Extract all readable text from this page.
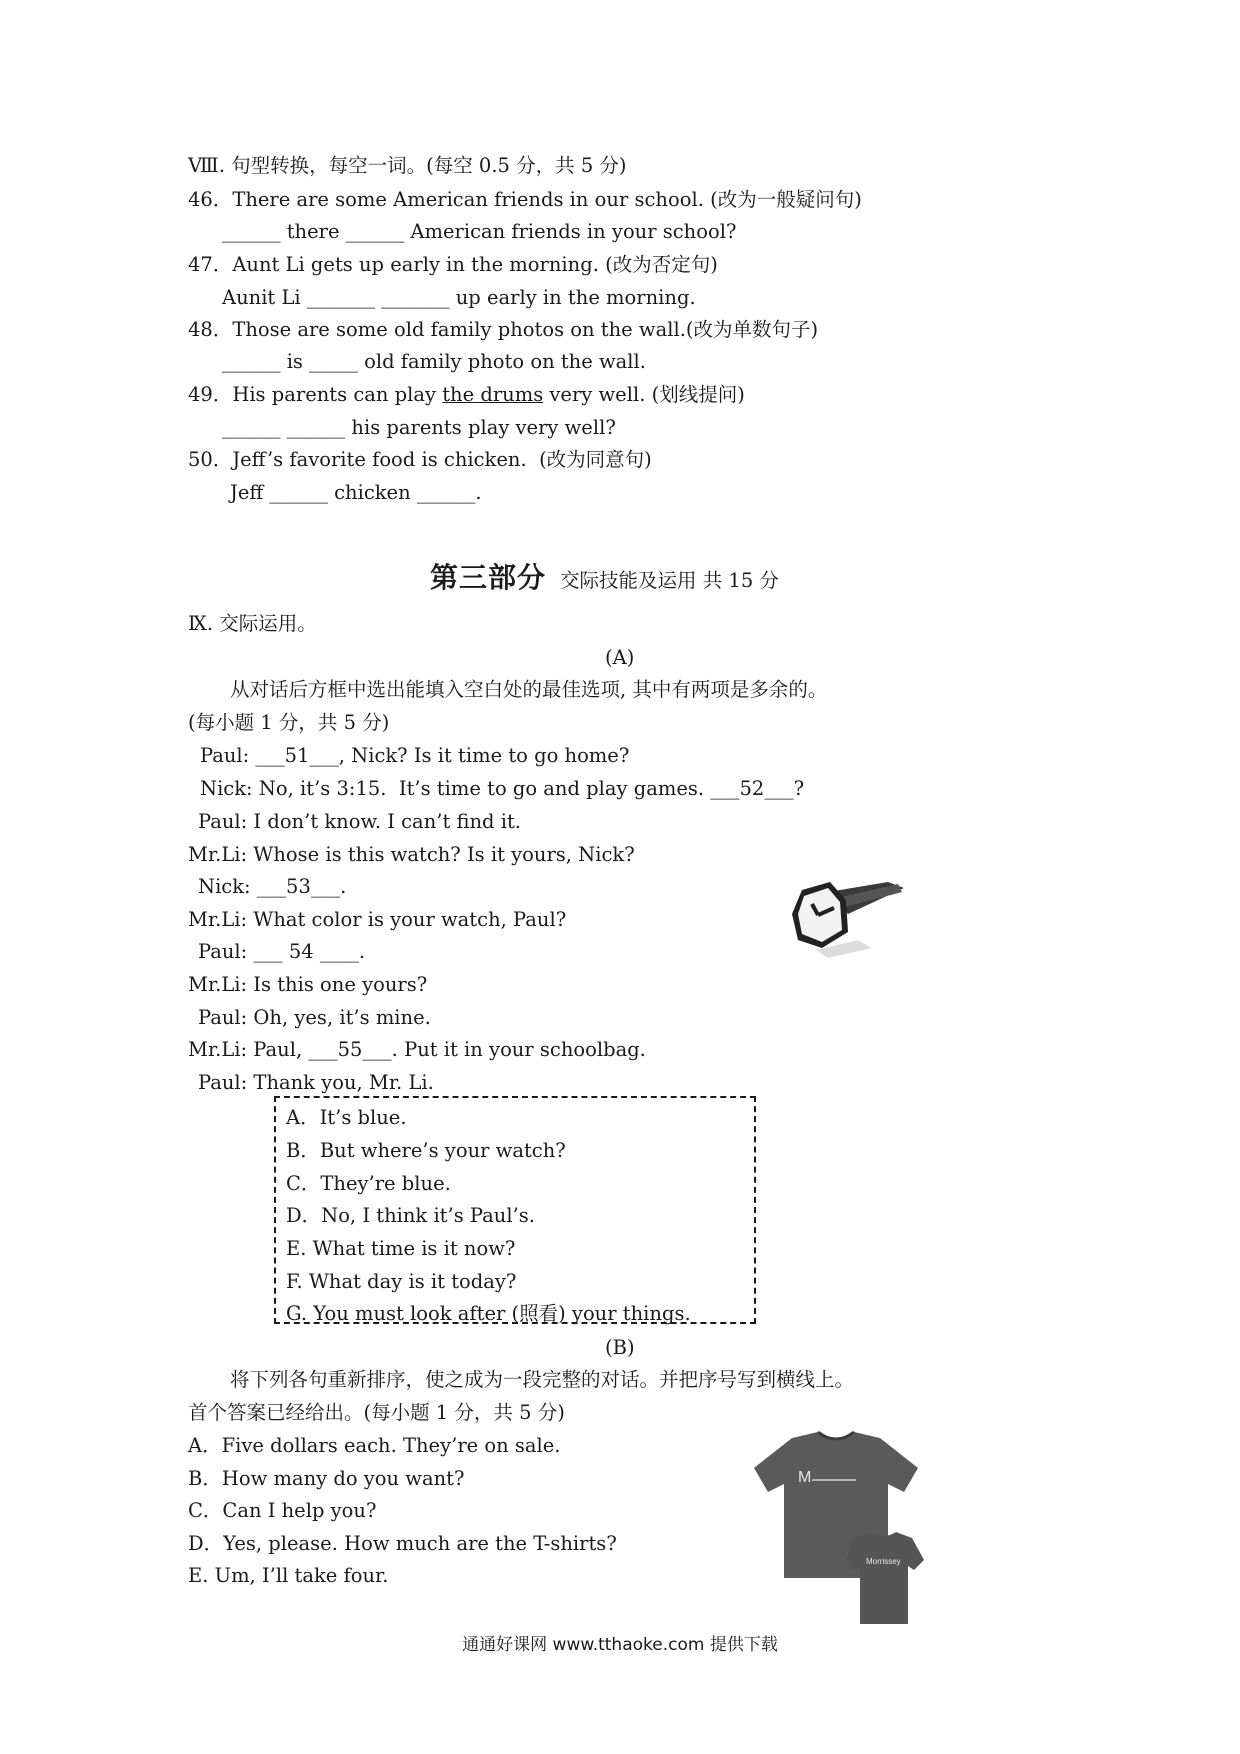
Ⅷ. 句型转换，每空一词。(每空 0.5 分，共 5 分)
46．There are some American friends in our school. (改为一般疑问句)
______ there ______ American friends in your school?
47．Aunt Li gets up early in the morning. (改为否定句)
Aunit Li _______ _______ up early in the morning.
48．Those are some old family photos on the wall.(改为单数句子)
______ is _____ old family photo on the wall.
49．His parents can play the drums very well. (划线提问)
______ ______ his parents play very well?
50．Jeff’s favorite food is chicken.  (改为同意句)
Jeff ______ chicken ______.
第三部分 交际技能及运用 共 15 分
Ⅸ. 交际运用。
(A)
从对话后方框中选出能填入空白处的最佳选项, 其中有两项是多余的。
(每小题 1 分，共 5 分)
Paul: ___51___, Nick? Is it time to go home?
Nick: No, it’s 3:15.  It’s time to go and play games. ___52___?
Paul: I don’t know. I can’t find it.
Mr.Li: Whose is this watch? Is it yours, Nick?
Nick: ___53___.
Mr.Li: What color is your watch, Paul?
Paul: ___ 54 ____.
Mr.Li: Is this one yours?
Paul: Oh, yes, it’s mine.
Mr.Li: Paul, ___55___. Put it in your schoolbag.
Paul: Thank you, Mr. Li.
A．It’s blue.
B．But where’s your watch?
C．They’re blue.
D．No, I think it’s Paul’s.
E. What time is it now?
F. What day is it today?
G. You must look after (照看) your things.
(B)
将下列各句重新排序，使之成为一段完整的对话。并把序号写到横线上。
首个答案已经给出。(每小题 1 分，共 5 分)
A．Five dollars each. They’re on sale.
B．How many do you want?
C．Can I help you?
D．Yes, please. How much are the T-shirts?
E. Um, I’ll take four.
M
Morrissey
通通好课网 www.tthaoke.com 提供下载
